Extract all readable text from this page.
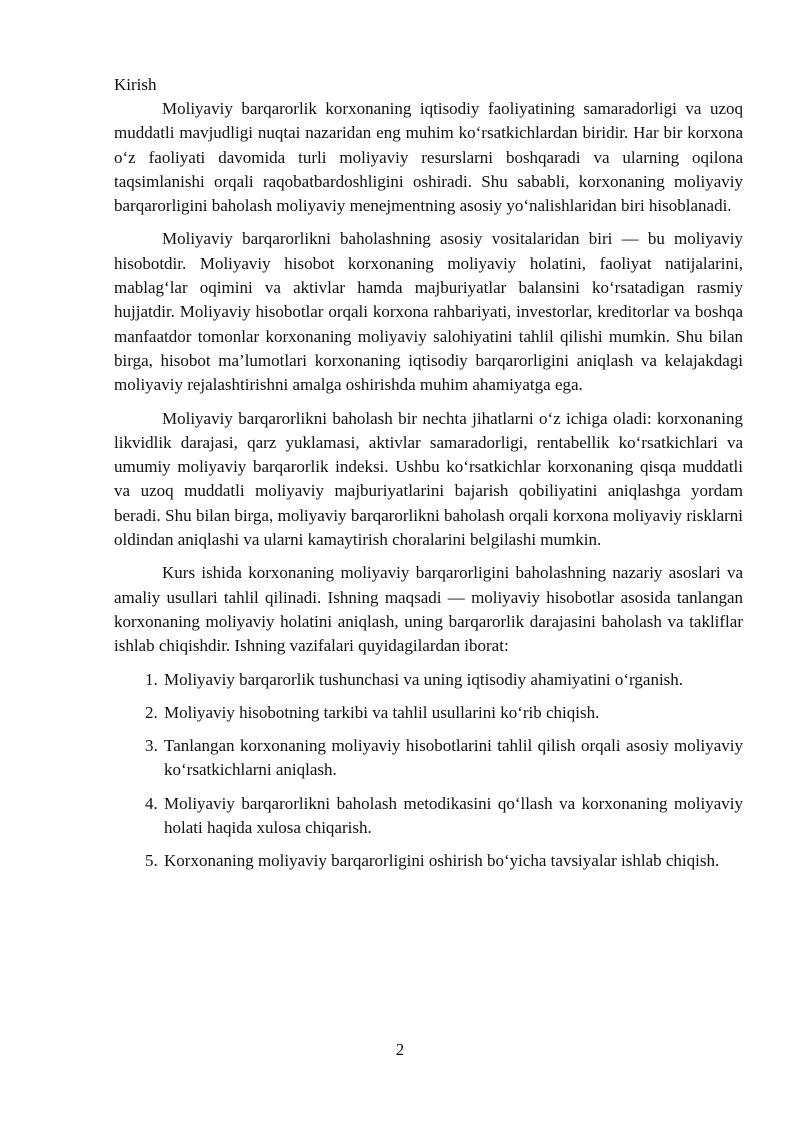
Kirish

Moliyaviy barqarorlik korxonaning iqtisodiy faoliyatining samaradorligi va uzoq muddatli mavjudligi nuqtai nazaridan eng muhim ko‘rsatkichlardan biridir. Har bir korxona o‘z faoliyati davomida turli moliyaviy resurslarni boshqaradi va ularning oqilona taqsimlanishi orqali raqobatbardoshligini oshiradi. Shu sababli, korxonaning moliyaviy barqarorligini baholash moliyaviy menejmentning asosiy yo‘nalishlaridan biri hisoblanadi.

Moliyaviy barqarorlikni baholashning asosiy vositalaridan biri — bu moliyaviy hisobotdir. Moliyaviy hisobot korxonaning moliyaviy holatini, faoliyat natijalarini, mablag‘lar oqimini va aktivlar hamda majburiyatlar balansini ko‘rsatadigan rasmiy hujjatdir. Moliyaviy hisobotlar orqali korxona rahbariyati, investorlar, kreditorlar va boshqa manfaatdor tomonlar korxonaning moliyaviy salohiyatini tahlil qilishi mumkin. Shu bilan birga, hisobot ma’lumotlari korxonaning iqtisodiy barqarorligini aniqlash va kelajakdagi moliyaviy rejalashtirishni amalga oshirishda muhim ahamiyatga ega.

Moliyaviy barqarorlikni baholash bir nechta jihatlarni o‘z ichiga oladi: korxonaning likvidlik darajasi, qarz yuklamasi, aktivlar samaradorligi, rentabellik ko‘rsatkichlari va umumiy moliyaviy barqarorlik indeksi. Ushbu ko‘rsatkichlar korxonaning qisqa muddatli va uzoq muddatli moliyaviy majburiyatlarini bajarish qobiliyatini aniqlashga yordam beradi. Shu bilan birga, moliyaviy barqarorlikni baholash orqali korxona moliyaviy risklarni oldindan aniqlashi va ularni kamaytirish choralarini belgilashi mumkin.

Kurs ishida korxonaning moliyaviy barqarorligini baholashning nazariy asoslari va amaliy usullari tahlil qilinadi. Ishning maqsadi — moliyaviy hisobotlar asosida tanlangan korxonaning moliyaviy holatini aniqlash, uning barqarorlik darajasini baholash va takliflar ishlab chiqishdir. Ishning vazifalari quyidagilardan iborat:

1. Moliyaviy barqarorlik tushunchasi va uning iqtisodiy ahamiyatini o‘rganish.
2. Moliyaviy hisobotning tarkibi va tahlil usullarini ko‘rib chiqish.
3. Tanlangan korxonaning moliyaviy hisobotlarini tahlil qilish orqali asosiy moliyaviy ko‘rsatkichlarni aniqlash.
4. Moliyaviy barqarorlikni baholash metodikasini qo‘llash va korxonaning moliyaviy holati haqida xulosa chiqarish.
5. Korxonaning moliyaviy barqarorligini oshirish bo‘yicha tavsiyalar ishlab chiqish.
2
